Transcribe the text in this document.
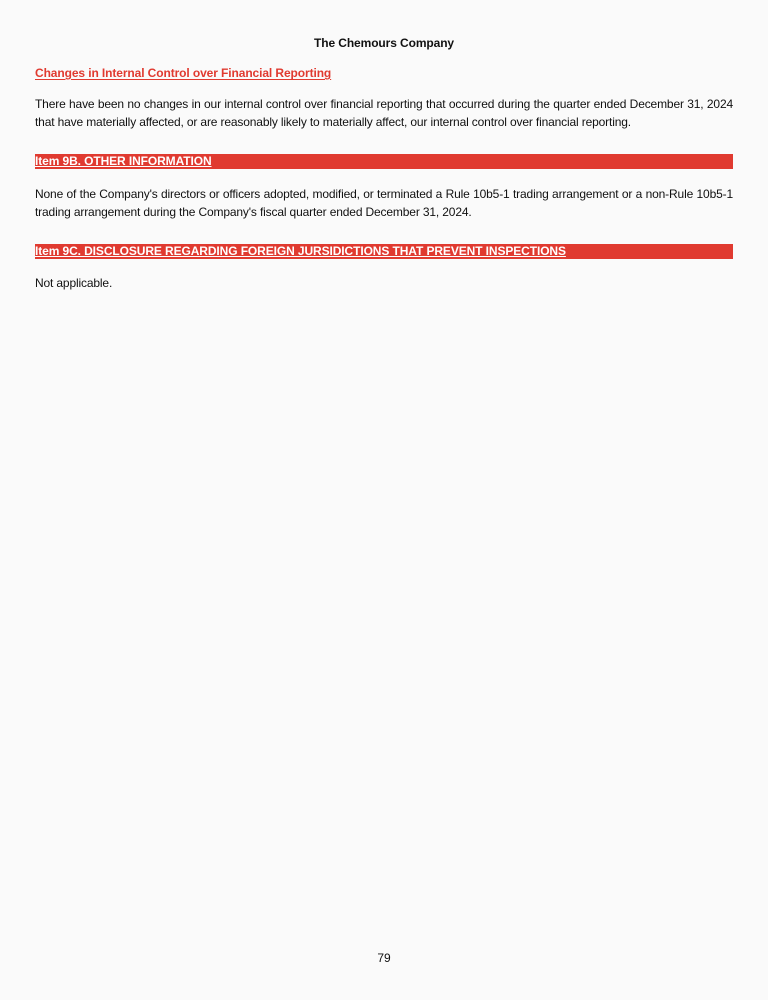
The Chemours Company
Changes in Internal Control over Financial Reporting
There have been no changes in our internal control over financial reporting that occurred during the quarter ended December 31, 2024 that have materially affected, or are reasonably likely to materially affect, our internal control over financial reporting.
Item 9B. OTHER INFORMATION
None of the Company's directors or officers adopted, modified, or terminated a Rule 10b5-1 trading arrangement or a non-Rule 10b5-1 trading arrangement during the Company's fiscal quarter ended December 31, 2024.
Item 9C. DISCLOSURE REGARDING FOREIGN JURSIDICTIONS THAT PREVENT INSPECTIONS
Not applicable.
79
